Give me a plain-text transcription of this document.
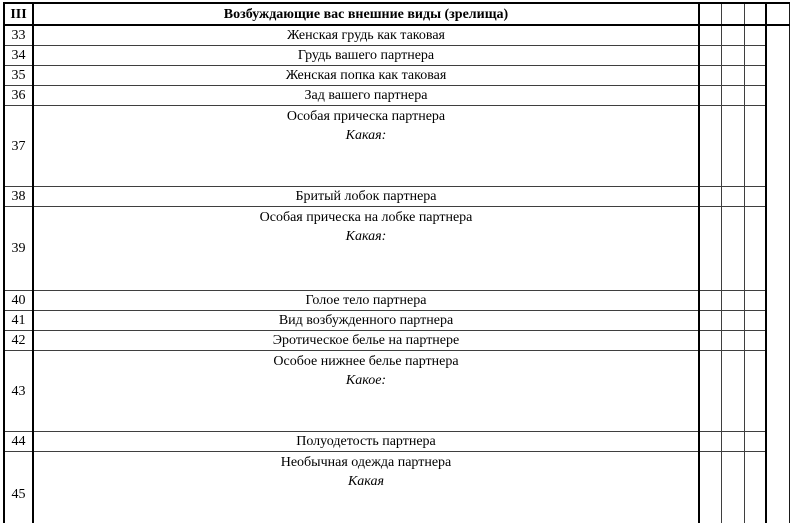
III	Возбуждающие вас внешние виды (зрелища)				
33	Женская грудь как таковая				

34	Грудь вашего партнера				

35	Женская попка как таковая				

36	Зад вашего партнера				

37	Особая прическа партнера
Какая:				

38	Бритый лобок партнера				

39	Особая прическа на лобке партнера
Какая:				

40	Голое тело партнера				

41	Вид возбужденного партнера				

42	Эротическое белье на партнере				

43	Особое нижнее белье партнера
Какое:				

44	Полуодетость партнера				

45	Необычная одежда партнера
Какая				
